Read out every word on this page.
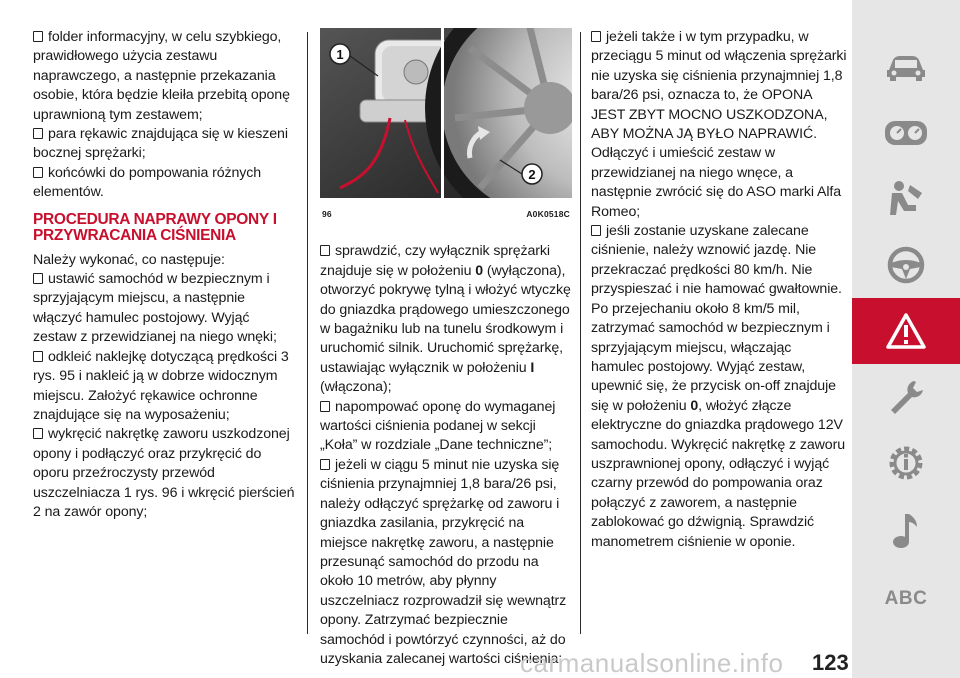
folder informacyjny, w celu szybkiego, prawidłowego użycia zestawu naprawczego, a następnie przekazania osobie, która będzie kleiła przebitą oponę uprawnioną tym zestawem;
para rękawic znajdująca się w kieszeni bocznej sprężarki;
końcówki do pompowania różnych elementów.
PROCEDURA NAPRAWY OPONY I PRZYWRACANIA CIŚNIENIA
Należy wykonać, co następuje:
ustawić samochód w bezpiecznym i sprzyjającym miejscu, a następnie włączyć hamulec postojowy. Wyjąć zestaw z przewidzianej na niego wnęki;
odkleić naklejkę dotyczącą prędkości 3 rys. 95 i nakleić ją w dobrze widocznym miejscu. Założyć rękawice ochronne znajdujące się na wyposażeniu;
wykręcić nakrętkę zaworu uszkodzonej opony i podłączyć oraz przykręcić do oporu przeźroczysty przewód uszczelniacza 1 rys. 96 i wkręcić pierścień 2 na zawór opony;
1
2
96	A0K0518C
sprawdzić, czy wyłącznik sprężarki znajduje się w położeniu 0 (wyłączona), otworzyć pokrywę tylną i włożyć wtyczkę do gniazdka prądowego umieszczonego w bagażniku lub na tunelu środkowym i uruchomić silnik. Uruchomić sprężarkę, ustawiając wyłącznik w położeniu I (włączona);
napompować oponę do wymaganej wartości ciśnienia podanej w sekcji „Koła” w rozdziale „Dane techniczne”;
jeżeli w ciągu 5 minut nie uzyska się ciśnienia przynajmniej 1,8 bara/26 psi, należy odłączyć sprężarkę od zaworu i gniazdka zasilania, przykręcić na miejsce nakrętkę zaworu, a następnie przesunąć samochód do przodu na około 10 metrów, aby płynny uszczelniacz rozprowadził się wewnątrz opony. Zatrzymać bezpiecznie samochód i powtórzyć czynności, aż do uzyskania zalecanej wartości ciśnienia;
jeżeli także i w tym przypadku, w przeciągu 5 minut od włączenia sprężarki nie uzyska się ciśnienia przynajmniej 1,8 bara/26 psi, oznacza to, że OPONA JEST ZBYT MOCNO USZKODZONA, ABY MOŻNA JĄ BYŁO NAPRAWIĆ. Odłączyć i umieścić zestaw w przewidzianej na niego wnęce, a następnie zwrócić się do ASO marki Alfa Romeo;
jeśli zostanie uzyskane zalecane ciśnienie, należy wznowić jazdę. Nie przekraczać prędkości 80 km/h. Nie przyspieszać i nie hamować gwałtownie. Po przejechaniu około 8 km/5 mil, zatrzymać samochód w bezpiecznym i sprzyjającym miejscu, włączając hamulec postojowy. Wyjąć zestaw, upewnić się, że przycisk on-off znajduje się w położeniu 0, włożyć złącze elektryczne do gniazdka prądowego 12V samochodu. Wykręcić nakrętkę z zaworu uszprawnionej opony, odłączyć i wyjąć czarny przewód do pompowania oraz połączyć z zaworem, a następnie zablokować go dźwignią. Sprawdzić manometrem ciśnienie w oponie.
ABC
carmanualsonline.info 123
